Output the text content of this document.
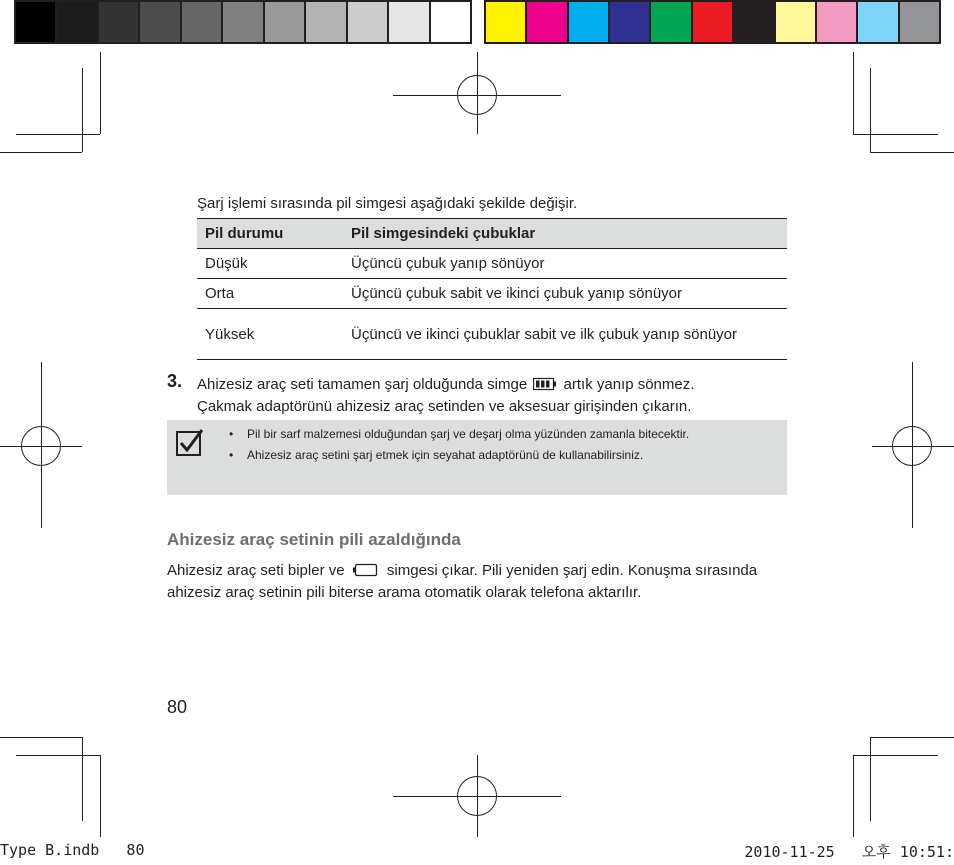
Şarj işlemi sırasında pil simgesi aşağıdaki şekilde değişir.
Pil durumu	Pil simgesindeki çubuklar
Düşük	Üçüncü çubuk yanıp sönüyor
Orta	Üçüncü çubuk sabit ve ikinci çubuk yanıp sönüyor
Yüksek	Üçüncü ve ikinci çubuklar sabit ve ilk çubuk yanıp sönüyor
3. Ahizesiz araç seti tamamen şarj olduğunda simge artık yanıp sönmez.
Çakmak adaptörünü ahizesiz araç setinden ve aksesuar girişinden çıkarın.
• Pil bir sarf malzemesi olduğundan şarj ve deşarj olma yüzünden zamanla bitecektir.
• Ahizesiz araç setini şarj etmek için seyahat adaptörünü de kullanabilirsiniz.
Ahizesiz araç setinin pili azaldığında
Ahizesiz araç seti bipler ve	simgesi çıkar. Pili yeniden şarj edin. Konuşma sırasında ahizesiz araç setinin pili biterse arama otomatik olarak telefona aktarılır.
80
Type B.indb   80	2010-11-25   오후 10:51:
